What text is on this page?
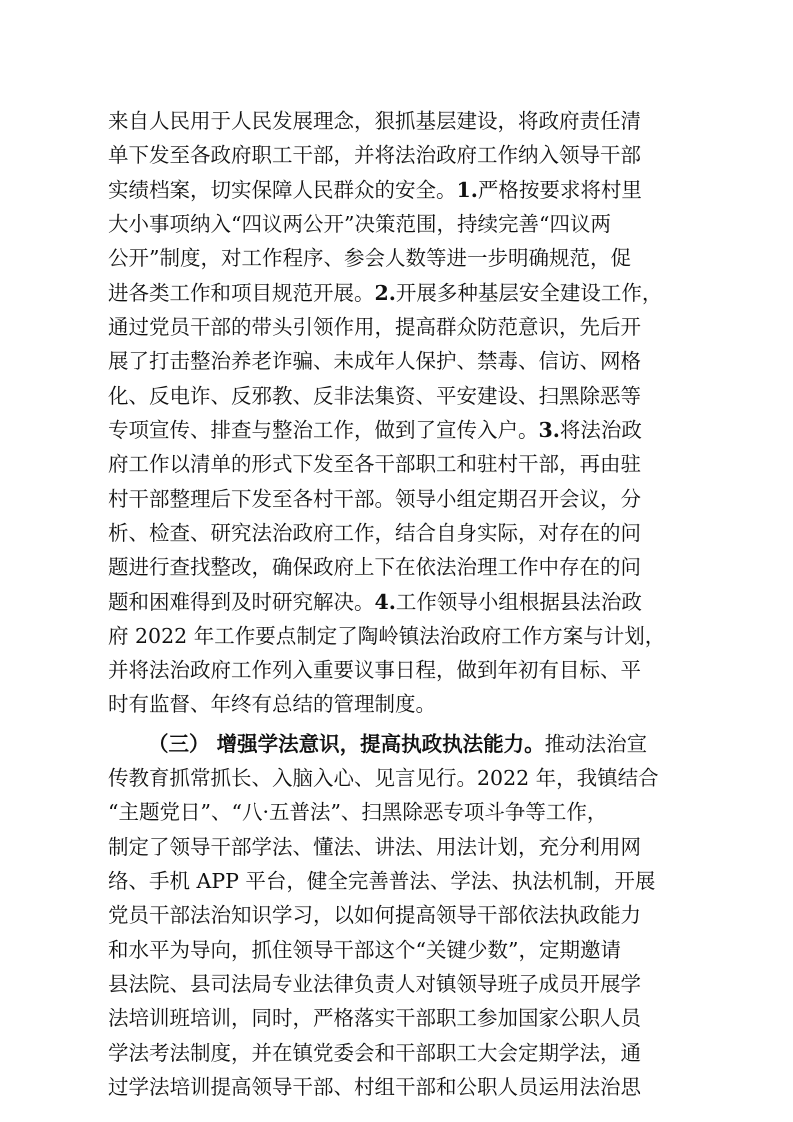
来自人民用于人民发展理念，狠抓基层建设，将政府责任清
单下发至各政府职工干部，并将法治政府工作纳入领导干部
实绩档案，切实保障人民群众的安全。1.严格按要求将村里
大小事项纳入“四议两公开”决策范围，持续完善“四议两
公开”制度，对工作程序、参会人数等进一步明确规范，促
进各类工作和项目规范开展。2.开展多种基层安全建设工作，
通过党员干部的带头引领作用，提高群众防范意识，先后开
展了打击整治养老诈骗、未成年人保护、禁毒、信访、网格
化、反电诈、反邪教、反非法集资、平安建设、扫黑除恶等
专项宣传、排查与整治工作，做到了宣传入户。3.将法治政
府工作以清单的形式下发至各干部职工和驻村干部，再由驻
村干部整理后下发至各村干部。领导小组定期召开会议，分
析、检查、研究法治政府工作，结合自身实际，对存在的问
题进行查找整改，确保政府上下在依法治理工作中存在的问
题和困难得到及时研究解决。4.工作领导小组根据县法治政
府 2022 年工作要点制定了陶岭镇法治政府工作方案与计划，
并将法治政府工作列入重要议事日程，做到年初有目标、平
时有监督、年终有总结的管理制度。
（三） 增强学法意识，提高执政执法能力。推动法治宣
传教育抓常抓长、入脑入心、见言见行。2022 年，我镇结合
“主题党日”、“八·五普法”、扫黑除恶专项斗争等工作，
制定了领导干部学法、懂法、讲法、用法计划，充分利用网
络、手机 APP 平台，健全完善普法、学法、执法机制，开展
党员干部法治知识学习，以如何提高领导干部依法执政能力
和水平为导向，抓住领导干部这个“关键少数”，定期邀请
县法院、县司法局专业法律负责人对镇领导班子成员开展学
法培训班培训，同时，严格落实干部职工参加国家公职人员
学法考法制度，并在镇党委会和干部职工大会定期学法，通
过学法培训提高领导干部、村组干部和公职人员运用法治思
